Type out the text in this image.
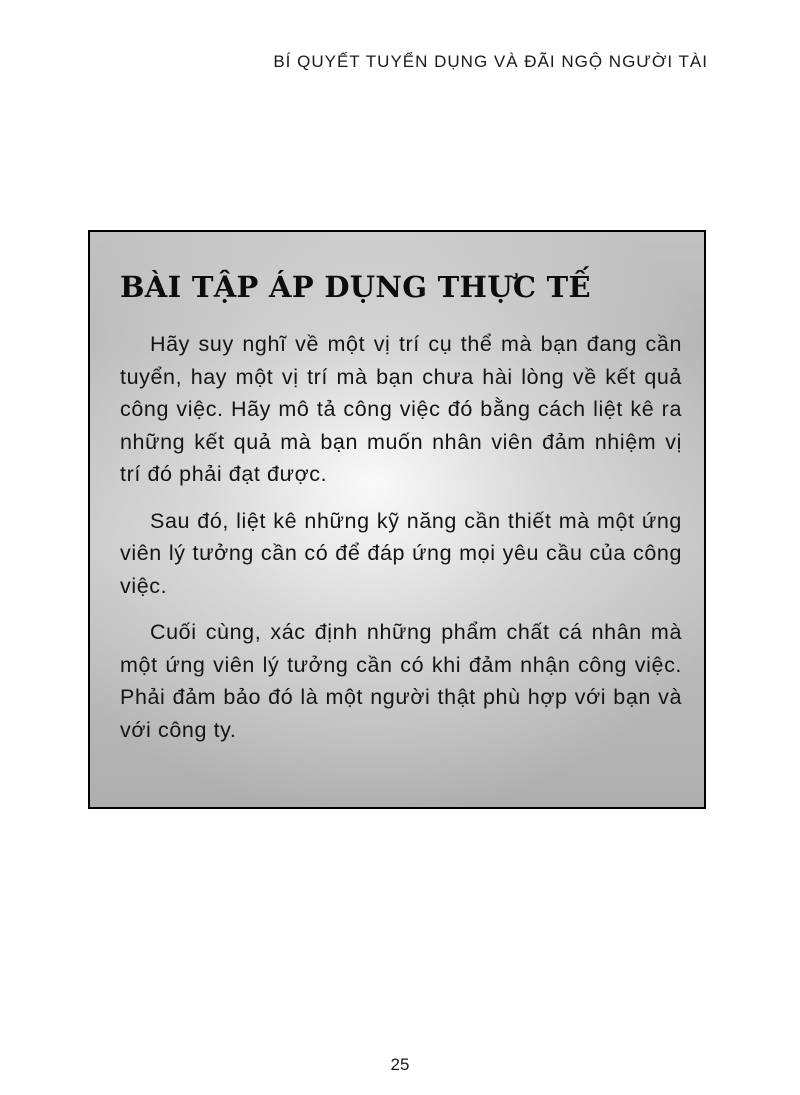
BÍ QUYẾT TUYỂN DỤNG VÀ ĐÃI NGỘ NGƯỜI TÀI
BÀI TẬP ÁP DỤNG THỰC TẾ

Hãy suy nghĩ về một vị trí cụ thể mà bạn đang cần tuyển, hay một vị trí mà bạn chưa hài lòng về kết quả công việc. Hãy mô tả công việc đó bằng cách liệt kê ra những kết quả mà bạn muốn nhân viên đảm nhiệm vị trí đó phải đạt được.

Sau đó, liệt kê những kỹ năng cần thiết mà một ứng viên lý tưởng cần có để đáp ứng mọi yêu cầu của công việc.

Cuối cùng, xác định những phẩm chất cá nhân mà một ứng viên lý tưởng cần có khi đảm nhận công việc. Phải đảm bảo đó là một người thật phù hợp với bạn và với công ty.

25
